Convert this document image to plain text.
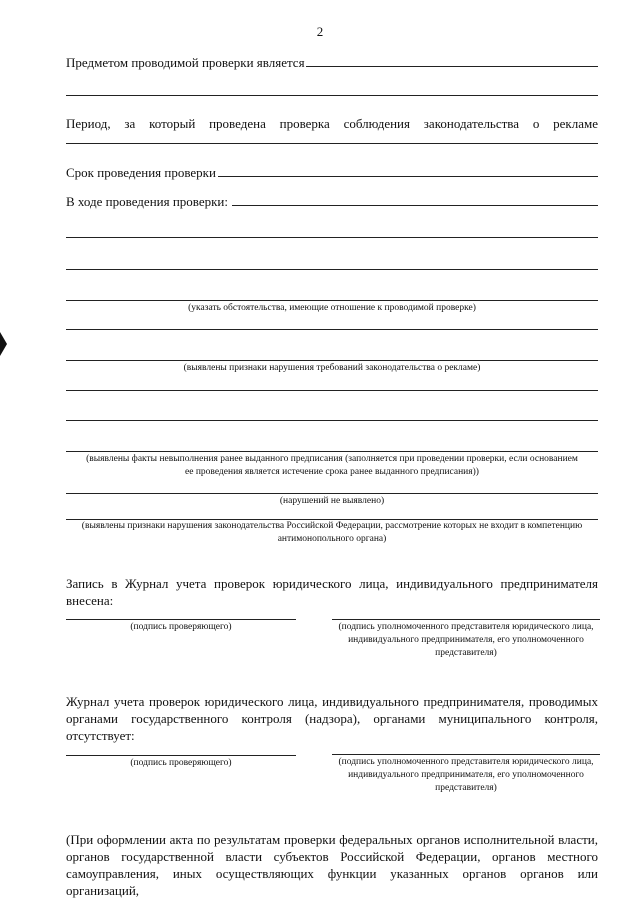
2
Предметом проводимой проверки является
Период, за который проведена проверка соблюдения законодательства о рекламе
Срок проведения проверки
В ходе проведения проверки:
(указать обстоятельства, имеющие отношение к проводимой проверке)
(выявлены признаки нарушения требований законодательства о рекламе)
(выявлены факты невыполнения ранее выданного предписания (заполняется при проведении проверки, если основанием ее проведения является истечение срока ранее выданного предписания))
(нарушений не выявлено)
(выявлены признаки нарушения законодательства Российской Федерации, рассмотрение которых не входит в компетенцию антимонопольного органа)
Запись в Журнал учета проверок юридического лица, индивидуального предпринимателя внесена:
(подпись проверяющего)	(подпись уполномоченного представителя юридического лица, индивидуального предпринимателя, его уполномоченного представителя)
Журнал учета проверок юридического лица, индивидуального предпринимателя, проводимых органами государственного контроля (надзора), органами муниципального контроля, отсутствует:
(подпись проверяющего)	(подпись уполномоченного представителя юридического лица, индивидуального предпринимателя, его уполномоченного представителя)
(При оформлении акта по результатам проверки федеральных органов исполнительной власти, органов государственной власти субъектов Российской Федерации, органов местного самоуправления, иных осуществляющих функции указанных органов органов или организаций,
